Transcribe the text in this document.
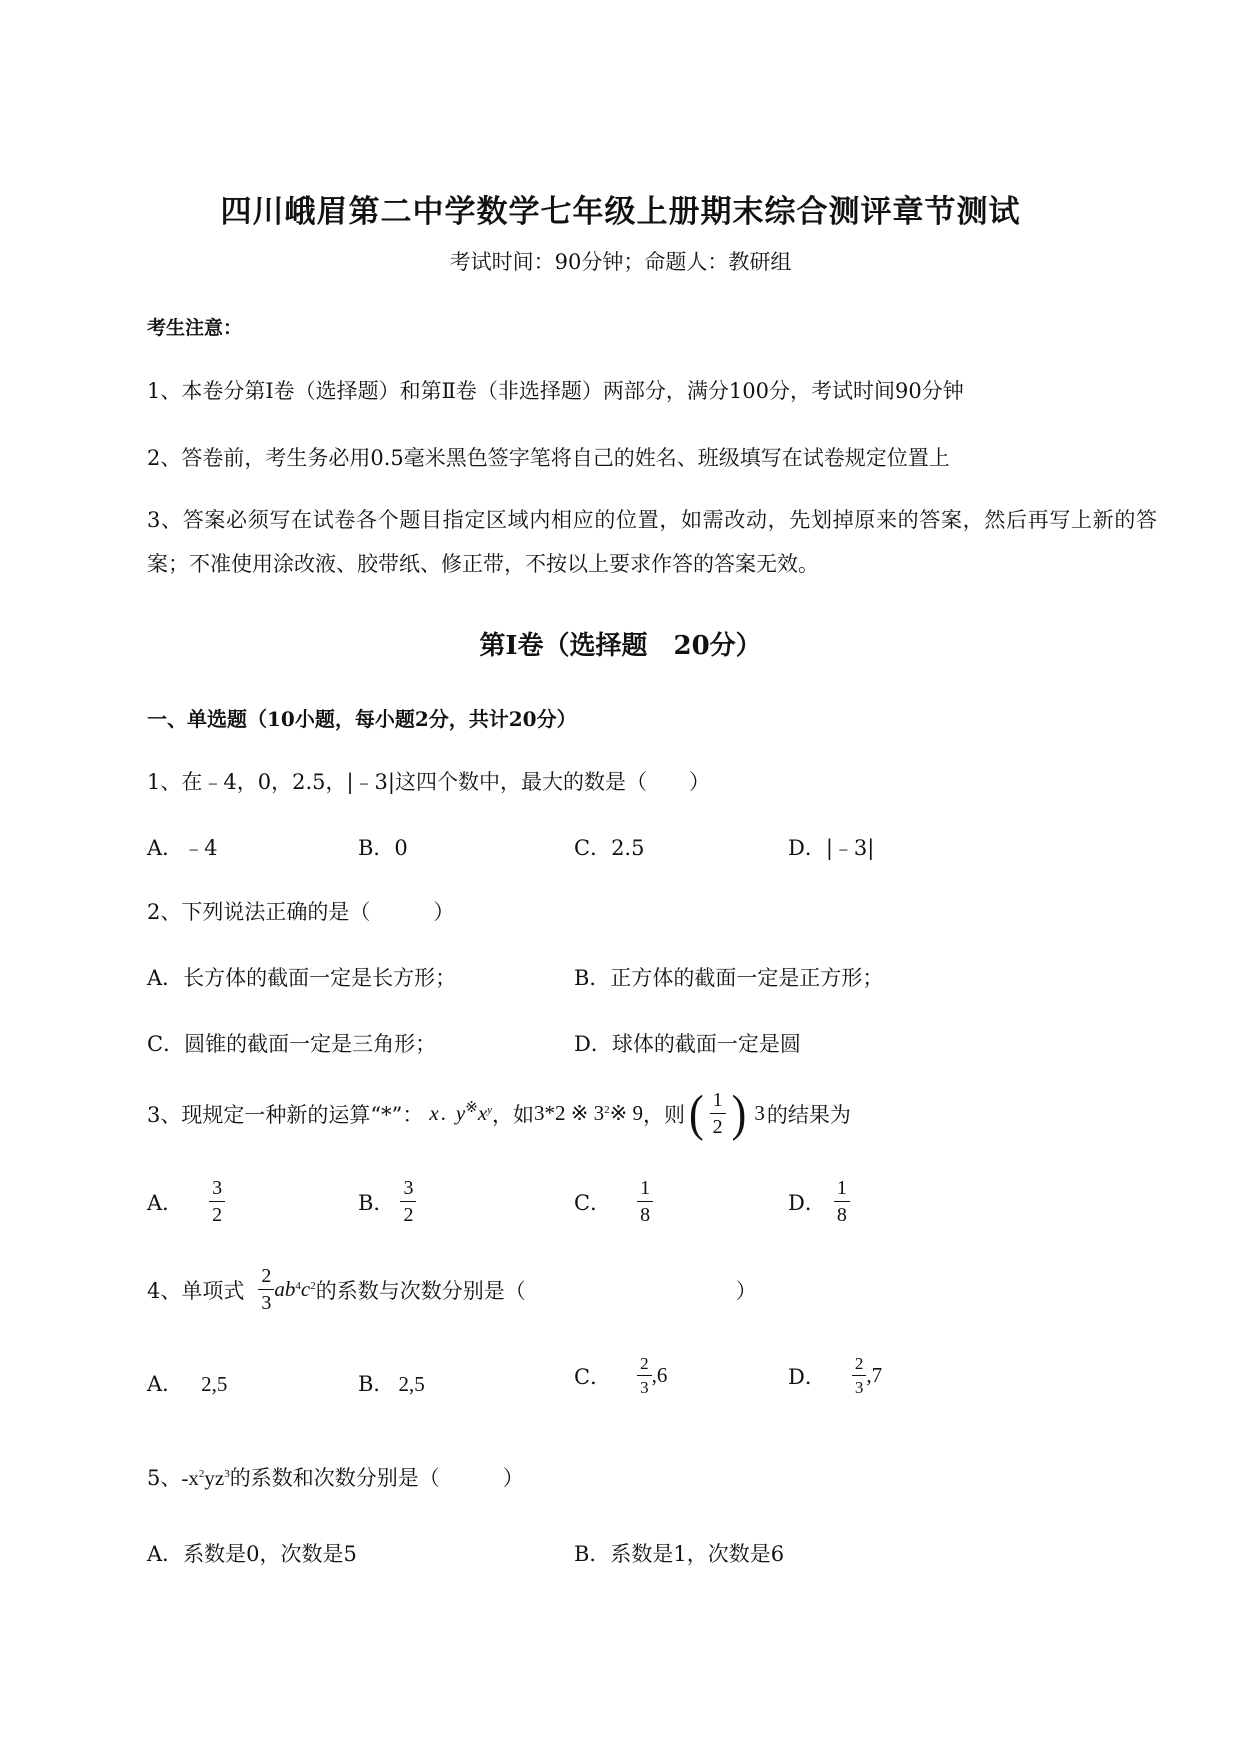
四川峨眉第二中学数学七年级上册期末综合测评章节测试
考试时间：90分钟；命题人：教研组
考生注意：
1、本卷分第I卷（选择题）和第Ⅱ卷（非选择题）两部分，满分100分，考试时间90分钟
2、答卷前，考生务必用0.5毫米黑色签字笔将自己的姓名、班级填写在试卷规定位置上
3、答案必须写在试卷各个题目指定区域内相应的位置，如需改动，先划掉原来的答案，然后再写上新的答案；不准使用涂改液、胶带纸、修正带，不按以上要求作答的答案无效。
第I卷（选择题　20分）
一、单选题（10小题，每小题2分，共计20分）
1、在﹣4，0，2.5，|﹣3|这四个数中，最大的数是（　　）
A．﹣4	B．0	C．2.5	D．|﹣3|
2、下列说法正确的是（　　　）
A．长方体的截面一定是长方形；	B．正方体的截面一定是正方形；
C．圆锥的截面一定是三角形；	D．球体的截面一定是圆
3、现规定一种新的运算“*”： x . y ※ $x^y$ ，如 3*2 ※ $3^2$ ※ 9 ，则 ( $\frac{1}{2}$ ) 3 的结果为
A． $\frac{3}{2}$	B． $\frac{3}{2}$	C． $\frac{1}{8}$	D． $\frac{1}{8}$
4、单项式 $\frac{2}{3} ab^4$ $c^2$ 的系数与次数分别是（　　　　　　　　　　）
A． 2,5	B． 2,5	C． $\frac{2}{3} ,6$	D． $\frac{2}{3} ,7$
5、$-x^2yz^3$的系数和次数分别是（　　　）
A．系数是0，次数是5	B．系数是1，次数是6
